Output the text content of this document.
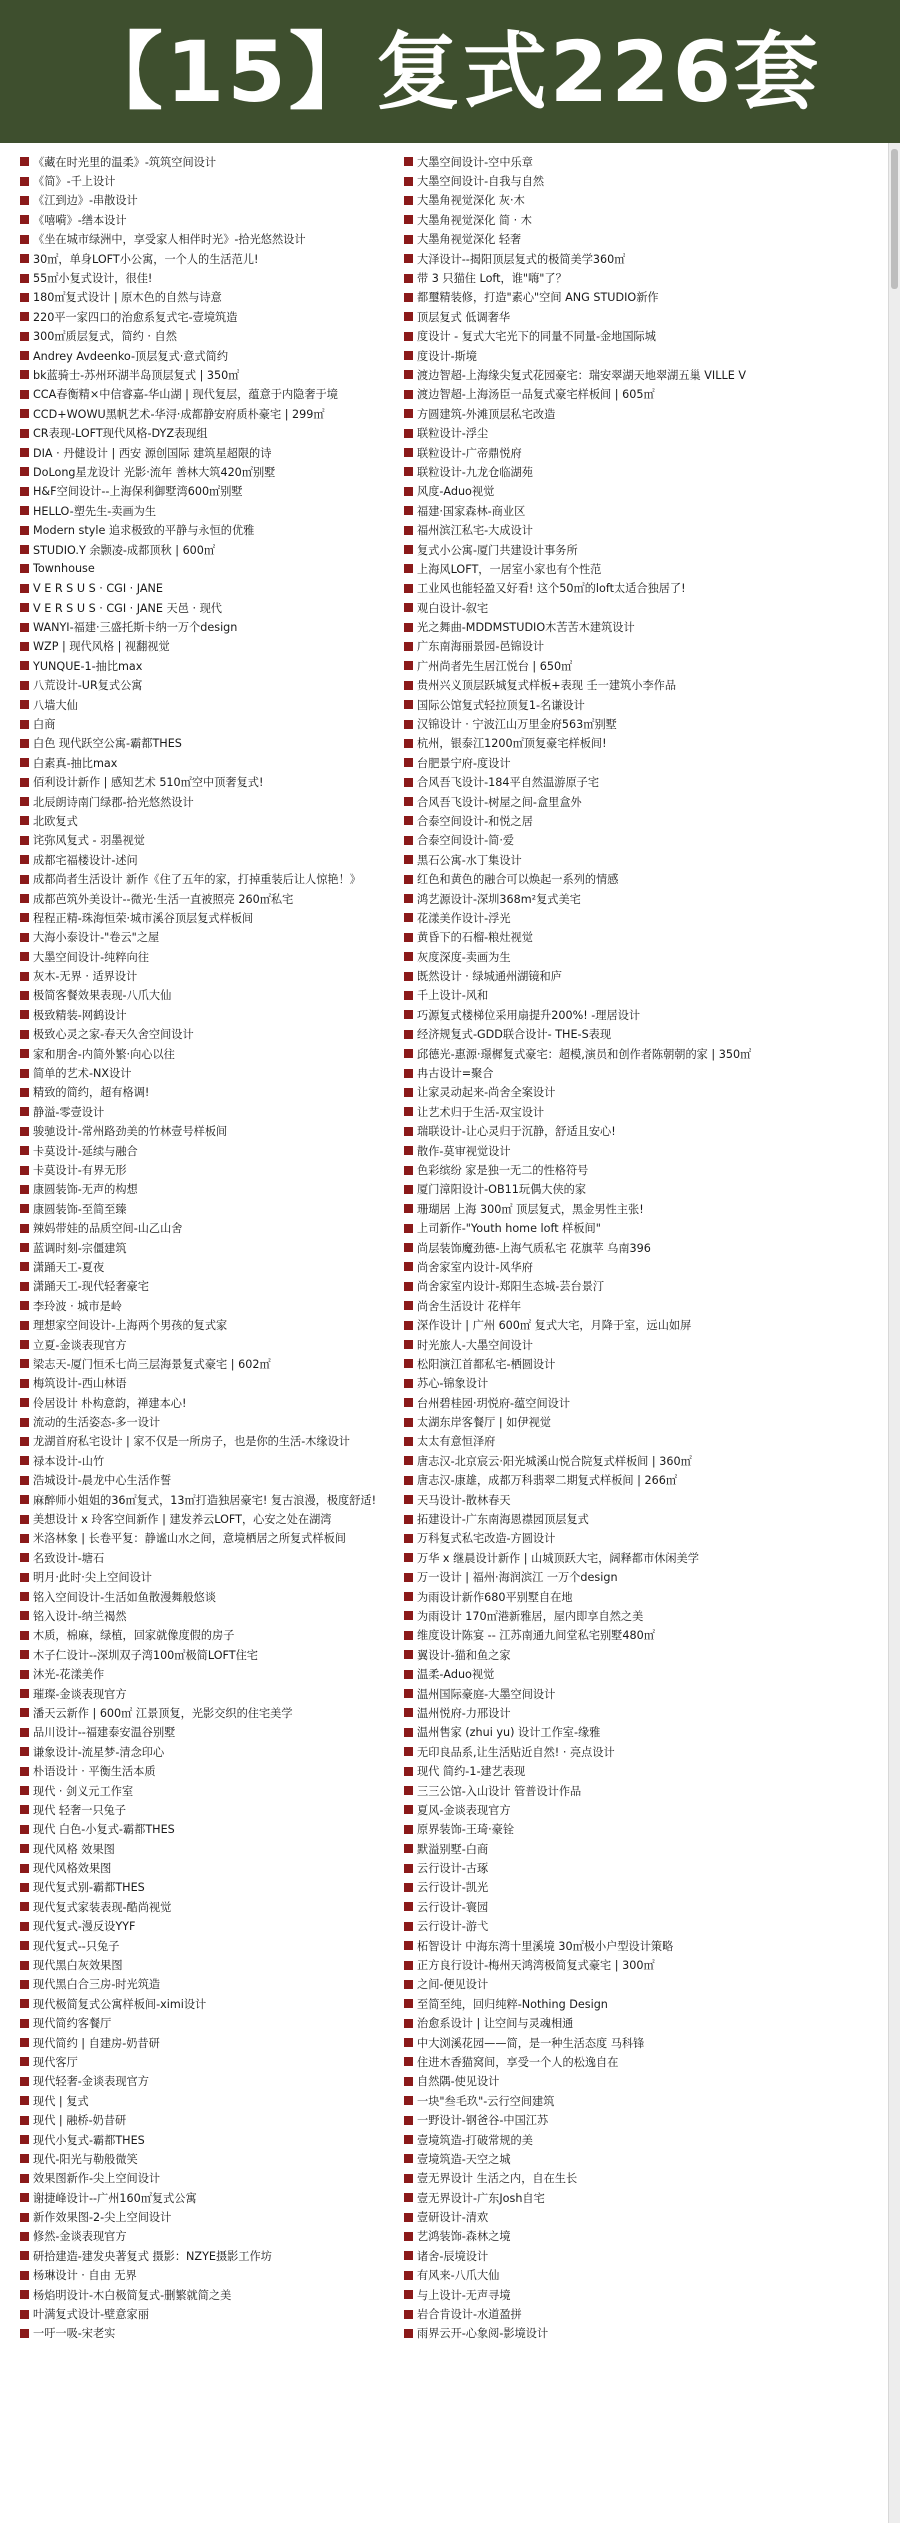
【15】复式226套
《藏在时光里的温柔》-筑筑空间设计
《简》-千上设计
《江到边》-串散设计
《嘻嗬》-缮本设计
《坐在城市绿洲中，享受家人相伴时光》-拾光悠然设计
30㎡，单身LOFT小公寓，一个人的生活范儿!
55㎡小复式设计，很佳!
180㎡复式设计 | 原木色的自然与诗意
220平一家四口的治愈系复式宅-壹境筑造
300㎡质层复式，简约 · 自然
Andrey Avdeenko-顶层复式·意式简约
bk蓝骑士-苏州环湖半岛顶层复式 | 350㎡
CCA春衡精×中信睿嘉-华山湖 | 现代复层，蕴意于内隐奢于境
CCD+WOWU黑帆艺术-华浔·成都静安府质朴豪宅 | 299㎡
CR表现-LOFT现代风格-DYZ表现组
DIA · 丹健设计 | 西安 源创国际 建筑星超限的诗
DoLong星龙设计 光影·流年 善林大筑420㎡别墅
H&F空间设计--上海保利御墅湾600㎡别墅
HELLO-塑先生-卖画为生
Modern style 追求极致的平静与永恒的优雅
STUDIO.Y 余颢凌-成都顶秋 | 600㎡
Townhouse
V E R S U S · CGI · JANE
V E R S U S · CGI · JANE 天邑 · 现代
WANYI-福建·三盛托斯卡纳一万个design
WZP | 现代风格 | 视翻视觉
YUNQUE-1-抽比max
八荒设计-UR复式公寓
八墙大仙
白商
白色 现代跃空公寓-霸都THES
白素真-抽比max
佰利设计新作 | 感知艺术 510㎡空中顶奢复式!
北辰朗诗南门绿郡-拾光悠然设计
北欧复式
诧弥风复式 - 羽墨视觉
成都宅福楼设计-述问
成都尚者生活设计 新作《住了五年的家，打掉重装后让人惊艳！》
成都芭筑外美设计--微光·生活一直被照亮 260㎡私宅
程程正精-珠海恒荣·城市溪谷顶层复式样板间
大海小泰设计-"卷云"之屋
大墨空间设计-纯粹向往
灰木-无界 · 适界设计
极简客餐效果表现-八爪大仙
极致精装-网鹤设计
极致心灵之家-春天久舍空间设计
家和朋舍-内简外繁·向心以往
简单的艺术-NX设计
精致的简约，超有格调!
静溢-零壹设计
骏驰设计-常州路劲美的竹林壹号样板间
卡莫设计-延续与融合
卡莫设计-有界无形
康圆装饰-无声的构想
康圆装饰-至简至臻
辣妈带娃的品质空间-山乙山舍
蓝调时刻-宗僵建筑
潇踊天工-夏夜
潇踊天工-现代轻奢豪宅
李玲波 · 城市是岭
理想家空间设计-上海两个男孩的复式家
立夏-金谈表现官方
梁志天-厦门恒禾七尚三层海景复式豪宅 | 602㎡
梅筑设计-西山林语
伶居设计 朴构意韵，禅建本心!
流动的生活姿态-多一设计
龙湖首府私宅设计 | 家不仅是一所房子，也是你的生活-木缘设计
禄本设计-山竹
浩城设计-晨龙中心生活作誓
麻醉师小姐姐的36㎡复式，13㎡打造独居豪宅! 复古浪漫，极度舒适!
美想设计 x 玲客空间新作 | 建发养云LOFT，心安之处在湖湾
米洛林象 | 长卷平复：静谧山水之间，意境栖居之所复式样板间
名致设计-塘石
明月·此时·尖上空间设计
铭入空间设计-生活如鱼散漫舞般悠谈
铭入设计-纳兰褐然
木质，棉麻，绿植，回家就像度假的房子
木子仁设计--深圳双子湾100㎡极简LOFT住宅
沐光-花漾美作
璀璨-金谈表现官方
潘天云新作 | 600㎡ 江景顶复，光影交织的住宅美学
品川设计--福建泰安温谷别墅
谦象设计-流星梦-清念印心
朴语设计 · 平衡生活本质
现代 · 剑义元工作室
现代 轻奢一只兔子
现代 白色-小复式-霸都THES
现代风格 效果图
现代风格效果图
现代复式别-霸都THES
现代复式家装表现-酷尚视觉
现代复式-漫反设YYF
现代复式--只兔子
现代黑白灰效果图
现代黑白合三房-时光筑造
现代极简复式公寓样板间-ximi设计
现代简约客餐厅
现代简约 | 自建房-奶昔研
现代客厅
现代轻奢-金谈表现官方
现代 | 复式
现代 | 融桥-奶昔研
现代小复式-霸都THES
现代-阳光与勒般微笑
效果图新作-尖上空间设计
谢捷峰设计--广州160㎡复式公寓
新作效果图-2-尖上空间设计
修然-金谈表现官方
研拾建造-建发央著复式 摄影：NZYE摄影工作坊
杨琳设计 · 自由 无界
杨焰明设计-木白极简复式-删繁就简之美
叶满复式设计-壁意家丽
一吁一吸-宋老实
大墨空间设计-空中乐章
大墨空间设计-自我与自然
大墨角视觉深化 灰·木
大墨角视觉深化 简 · 木
大墨角视觉深化 轻奢
大泽设计--揭阳顶层复式的极简美学360㎡
带 3 只猫住 Loft，谁"嗨"了？
都璽精装修，打造"素心"空间 ANG STUDIO新作
顶层复式 低调奢华
度设计 - 复式大宅光下的同量不同量-金地国际城
度设计-斯境
渡边智超-上海缘尖复式花园豪宅：瑞安翠湖天地翠湖五巢 VILLE V
渡边智超-上海汤臣一品复式豪宅样板间 | 605㎡
方圆建筑-外滩顶层私宅改造
联粒设计-浮尘
联粒设计-广帝鼎悦府
联粒设计-九龙仓临湖苑
风度-Aduo视觉
福建·国家森林-商业区
福州滨江私宅-大成设计
复式小公寓-厦门共建设计事务所
上海风LOFT，一居室小家也有个性范
工业风也能轻盈又好看! 这个50㎡的loft太适合独居了!
观白设计-叙宅
光之舞曲-MDDMSTUDIO木苦苦木建筑设计
广东南海丽景园-邑锦设计
广州尚者先生居江悦台 | 650㎡
贵州兴义顶层跃城复式样板+表现 壬一建筑小李作品
国际公馆复式轻拉顶复1-名谦设计
汉锦设计 · 宁波江山万里金府563㎡别墅
杭州，银泰江1200㎡顶复豪宅样板间!
台肥景宁府-度设计
合风吾飞设计-184平自然温游原子宅
合风吾飞设计-树屋之间-盒里盒外
合泰空间设计-和悦之居
合泰空间设计-简·爱
黑石公寓-水丁集设计
红色和黄色的融合可以焕起一系列的情感
鸿艺源设计-深圳368m²复式美宅
花漾美作设计-浮光
黄昏下的石榴-粮灶视觉
灰度深度-卖画为生
既然设计 · 绿城通州湖镜和庐
千上设计-风和
巧源复式楼梯位采用扇提升200%! -理居设计
经济规复式-GDD联合设计- THE-S表现
邱德光-惠源·璟樨复式豪宅：超模,演员和创作者陈朝朝的家 | 350㎡
冉古设计=聚合
让家灵动起来-尚舍全案设计
让艺术归于生活-双宝设计
瑞联设计-让心灵归于沉静，舒适且安心!
散作-莫审视觉设计
色彩缤纷 家是独一无二的性格符号
厦门漳阳设计-OB11玩偶大侠的家
珊瑚居 上海 300㎡ 顶层复式，黑金男性主张!
上司新作-"Youth home loft 样板间"
尚层装饰魔劲德-上海气质私宅 花旗苹 乌南396
尚舍家室内设计-风华府
尚舍家室内设计-郑阳生态城-芸台景汀
尚舍生活设计 花样年
深作设计 | 广州 600㎡ 复式大宅，月降于室，远山如屏
时光旅人-大墨空间设计
松阳演江首都私宅-栖圆设计
苏心-锦象设计
台州碧桂园·玥悦府-蕴空间设计
太湖东岸客餐厅 | 如伊视觉
太太有意恒泽府
唐志汉-北京宸云·阳光城溪山悦合院复式样板间 | 360㎡
唐志汉-康雄，成都万科翡翠二期复式样板间 | 266㎡
天马设计-散林春天
拓建设计-广东南海恩襟园顶层复式
万科复式私宅改造-方圆设计
万华 x 继晨设计新作 | 山城顶跃大宅，阔释都市休闲美学
万一设计 | 福州·海润滨江 一万个design
为雨设计新作680平别墅自在地
为雨设计 170㎡港新雅居，屋内即享自然之美
维度设计陈宴 -- 江苏南通九间堂私宅别墅480㎡
翼设计-猫和鱼之家
温柔-Aduo视觉
温州国际豪庭-大墨空间设计
温州悦府-力邢设计
温州售家 (zhui yu) 设计工作室-缘雅
无印良品系,让生活贴近自然! · 亮点设计
现代 简约-1-建艺表现
三三公馆-入山设计 管普设计作品
夏风-金谈表现官方
原界装饰-王琦·豪铨
默溢别墅-白商
云行设计-古琢
云行设计-凯光
云行设计-寰园
云行设计-游弋
柘智设计 中海东湾十里溪境 30㎡极小户型设计策略
正方良行设计-梅州天鸿湾极简复式豪宅 | 300㎡
之间-便见设计
至简至纯，回归纯粹-Nothing Design
治愈系设计 | 让空间与灵魂相通
中大浏溪花园——简，是一种生活态度 马科锋
住进木香猫窝间，享受一个人的松逸自在
自然隅-使见设计
一块"叁毛玖"-云行空间建筑
一野设计-钢爸谷-中国江苏
壹境筑造-打破常规的美
壹境筑造-天空之城
壹无界设计 生活之内，自在生长
壹无界设计-广东Josh自宅
壹研设计-清欢
艺鸿装饰-森林之境
诸舍-辰境设计
有风来-八爪大仙
与上设计-无声寻境
岩合肯设计-水道盈拼
雨界云开-心象阅-影境设计
